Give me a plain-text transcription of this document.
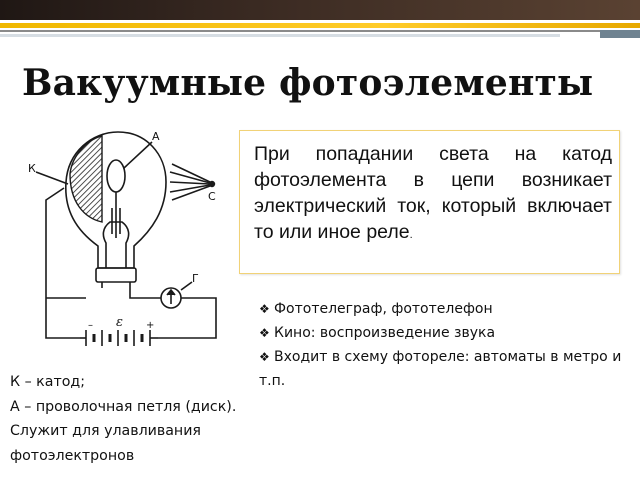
Вакуумные фотоэлементы
К
А
С
Г
ε
–	+
При попадании света на катод фотоэлемента в цепи возникает электрический ток, который включает то или иное реле.
❖ Фототелеграф, фототелефон
❖ Кино: воспроизведение звука
❖ Входит в схему фотореле: автоматы в метро и т.п.
К – катод;
А – проволочная петля (диск).
Служит для улавливания
фотоэлектронов
